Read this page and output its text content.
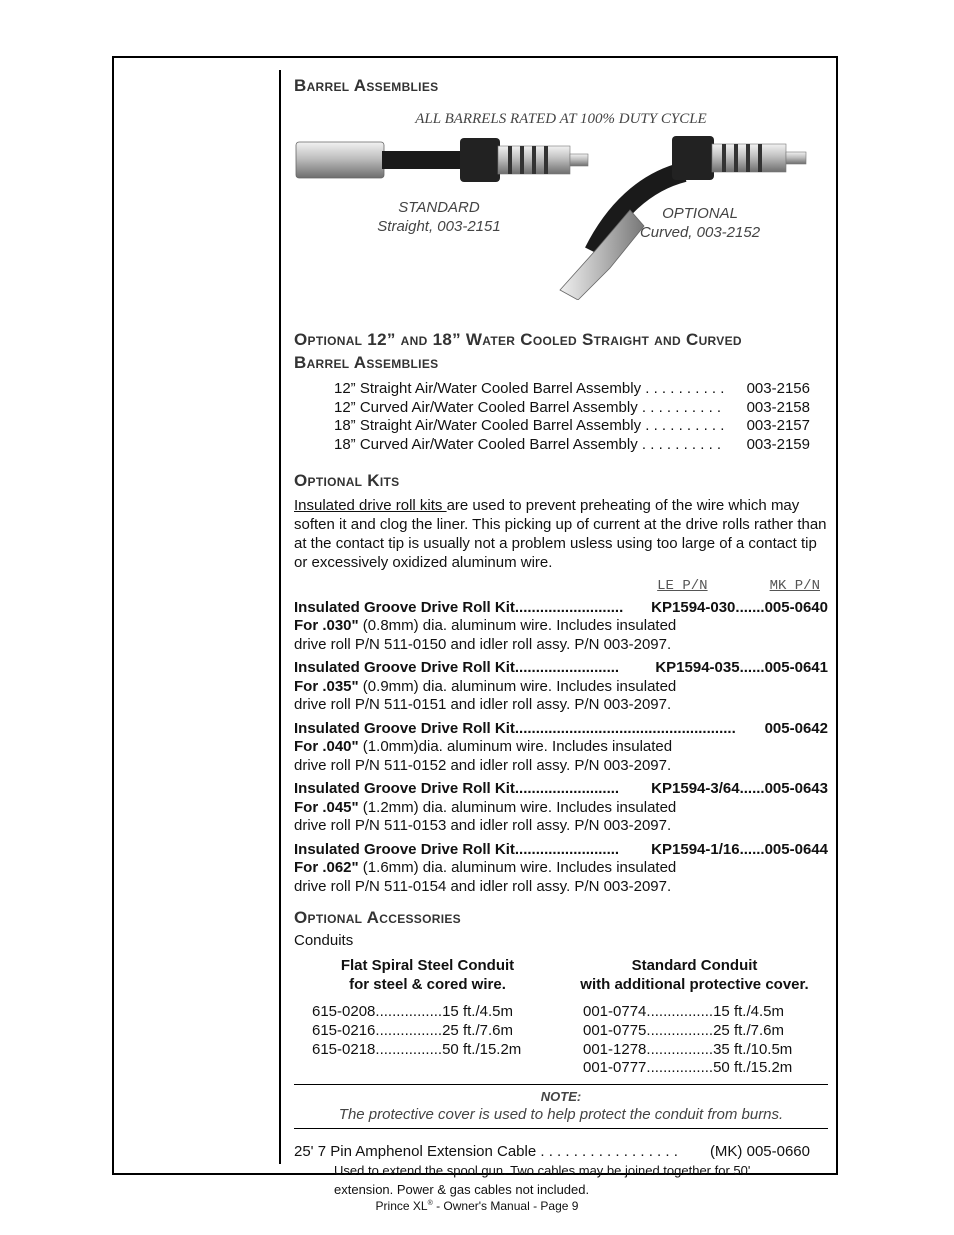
Barrel Assemblies
ALL BARRELS RATED AT 100% DUTY CYCLE
STANDARD
Straight, 003-2151
OPTIONAL
Curved, 003-2152
Optional 12” and 18” Water Cooled Straight and Curved
Barrel Assemblies
12” Straight Air/Water Cooled Barrel Assembly . . . . . . . . . . 003-2156
12” Curved Air/Water Cooled Barrel Assembly . . . . . . . . . . 003-2158
18” Straight Air/Water Cooled Barrel Assembly . . . . . . . . . . 003-2157
18” Curved Air/Water Cooled Barrel Assembly . . . . . . . . . . 003-2159
Optional Kits

Insulated drive roll kits are used to prevent preheating of the wire which may soften it and clog the liner. This picking up of current at the drive rolls rather than at the contact tip is usually not a problem usless using too large of a contact tip or excessively oxidized aluminum wire.

LE P/N	MK P/N
Insulated Groove Drive Roll Kit ..........................	KP1594-030 ....... 005-0640
For .030" (0.8mm) dia. aluminum wire. Includes insulated
drive roll P/N 511-0150 and idler roll assy. P/N 003-2097.
Insulated Groove Drive Roll Kit .........................	KP1594-035 ...... 005-0641
For .035" (0.9mm) dia. aluminum wire. Includes insulated
drive roll P/N 511-0151 and idler roll assy. P/N 003-2097.
Insulated Groove Drive Roll Kit .....................................................	005-0642
For .040" (1.0mm)dia. aluminum wire. Includes insulated
drive roll P/N 511-0152 and idler roll assy. P/N 003-2097.
Insulated Groove Drive Roll Kit .........................	KP1594-3/64 ...... 005-0643
For .045" (1.2mm) dia. aluminum wire. Includes insulated
drive roll P/N 511-0153 and idler roll assy. P/N 003-2097.
Insulated Groove Drive Roll Kit .........................	KP1594-1/16 ...... 005-0644
For .062" (1.6mm) dia. aluminum wire. Includes insulated
drive roll P/N 511-0154 and idler roll assy. P/N 003-2097.
Optional Accessories
Conduits
Flat Spiral Steel Conduit
for steel & cored wire.
615-0208 ................ 15 ft./4.5m
615-0216 ................ 25 ft./7.6m
615-0218 ................ 50 ft./15.2m
Standard Conduit
with additional protective cover.
001-0774 ................ 15 ft./4.5m
001-0775 ................ 25 ft./7.6m
001-1278 ................ 35 ft./10.5m
001-0777 ................ 50 ft./15.2m
NOTE:
The protective cover is used to help protect the conduit from burns.
25' 7 Pin Amphenol Extension Cable . . . . . . . . . . . . . . . . . (MK) 005-0660
Used to extend the spool gun. Two cables may be joined together for 50'
extension. Power & gas cables not included.
Prince XL® - Owner's Manual - Page 9
